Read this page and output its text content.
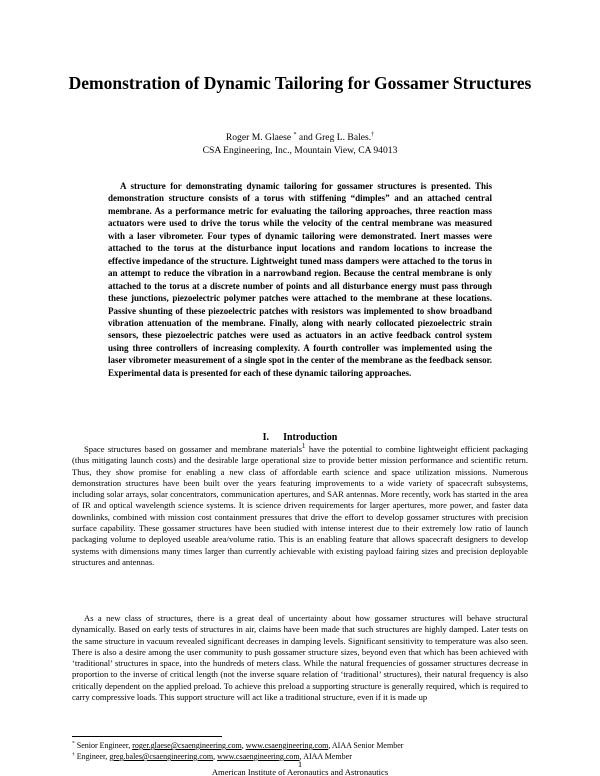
Demonstration of Dynamic Tailoring for Gossamer Structures
Roger M. Glaese * and Greg L. Bales.†
CSA Engineering, Inc., Mountain View, CA 94013

A structure for demonstrating dynamic tailoring for gossamer structures is presented. This demonstration structure consists of a torus with stiffening “dimples” and an attached central membrane. As a performance metric for evaluating the tailoring approaches, three reaction mass actuators were used to drive the torus while the velocity of the central membrane was measured with a laser vibrometer. Four types of dynamic tailoring were demonstrated. Inert masses were attached to the torus at the disturbance input locations and random locations to increase the effective impedance of the structure. Lightweight tuned mass dampers were attached to the torus in an attempt to reduce the vibration in a narrowband region. Because the central membrane is only attached to the torus at a discrete number of points and all disturbance energy must pass through these junctions, piezoelectric polymer patches were attached to the membrane at these locations. Passive shunting of these piezoelectric patches with resistors was implemented to show broadband vibration attenuation of the membrane. Finally, along with nearly collocated piezoelectric strain sensors, these piezoelectric patches were used as actuators in an active feedback control system using three controllers of increasing complexity. A fourth controller was implemented using the laser vibrometer measurement of a single spot in the center of the membrane as the feedback sensor. Experimental data is presented for each of these dynamic tailoring approaches.

I. Introduction

Space structures based on gossamer and membrane materials$^1$ have the potential to combine lightweight efficient packaging (thus mitigating launch costs) and the desirable large operational size to provide better mission performance and scientific return. Thus, they show promise for enabling a new class of affordable earth science and space utilization missions. Numerous demonstration structures have been built over the years featuring improvements to a wide variety of spacecraft subsystems, including solar arrays, solar concentrators, communication apertures, and SAR antennas. More recently, work has started in the area of IR and optical wavelength science systems. It is science driven requirements for larger apertures, more power, and faster data downlinks, combined with mission cost containment pressures that drive the effort to develop gossamer structures with precision surface capability. These gossamer structures have been studied with intense interest due to their extremely low ratio of launch packaging volume to deployed useable area/volume ratio. This is an enabling feature that allows spacecraft designers to develop systems with dimensions many times larger than currently achievable with existing payload fairing sizes and precision deployable structures and antennas.

As a new class of structures, there is a great deal of uncertainty about how gossamer structures will behave structural dynamically. Based on early tests of structures in air, claims have been made that such structures are highly damped. Later tests on the same structure in vacuum revealed significant decreases in damping levels. Significant sensitivity to temperature was also seen. There is also a desire among the user community to push gossamer structure sizes, beyond even that which has been achieved with ‘traditional’ structures in space, into the hundreds of meters class. While the natural frequencies of gossamer structures decrease in proportion to the inverse of critical length (not the inverse square relation of ‘traditional’ structures), their natural frequency is also critically dependent on the applied preload. To achieve this preload a supporting structure is generally required, which is required to carry compressive loads. This support structure will act like a traditional structure, even if it is made up

* Senior Engineer, roger.glaese@csaengineering.com, www.csaengineering.com, AIAA Senior Member
† Engineer, greg.bales@csaengineering.com, www.csaengineering.com, AIAA Member
1
American Institute of Aeronautics and Astronautics
